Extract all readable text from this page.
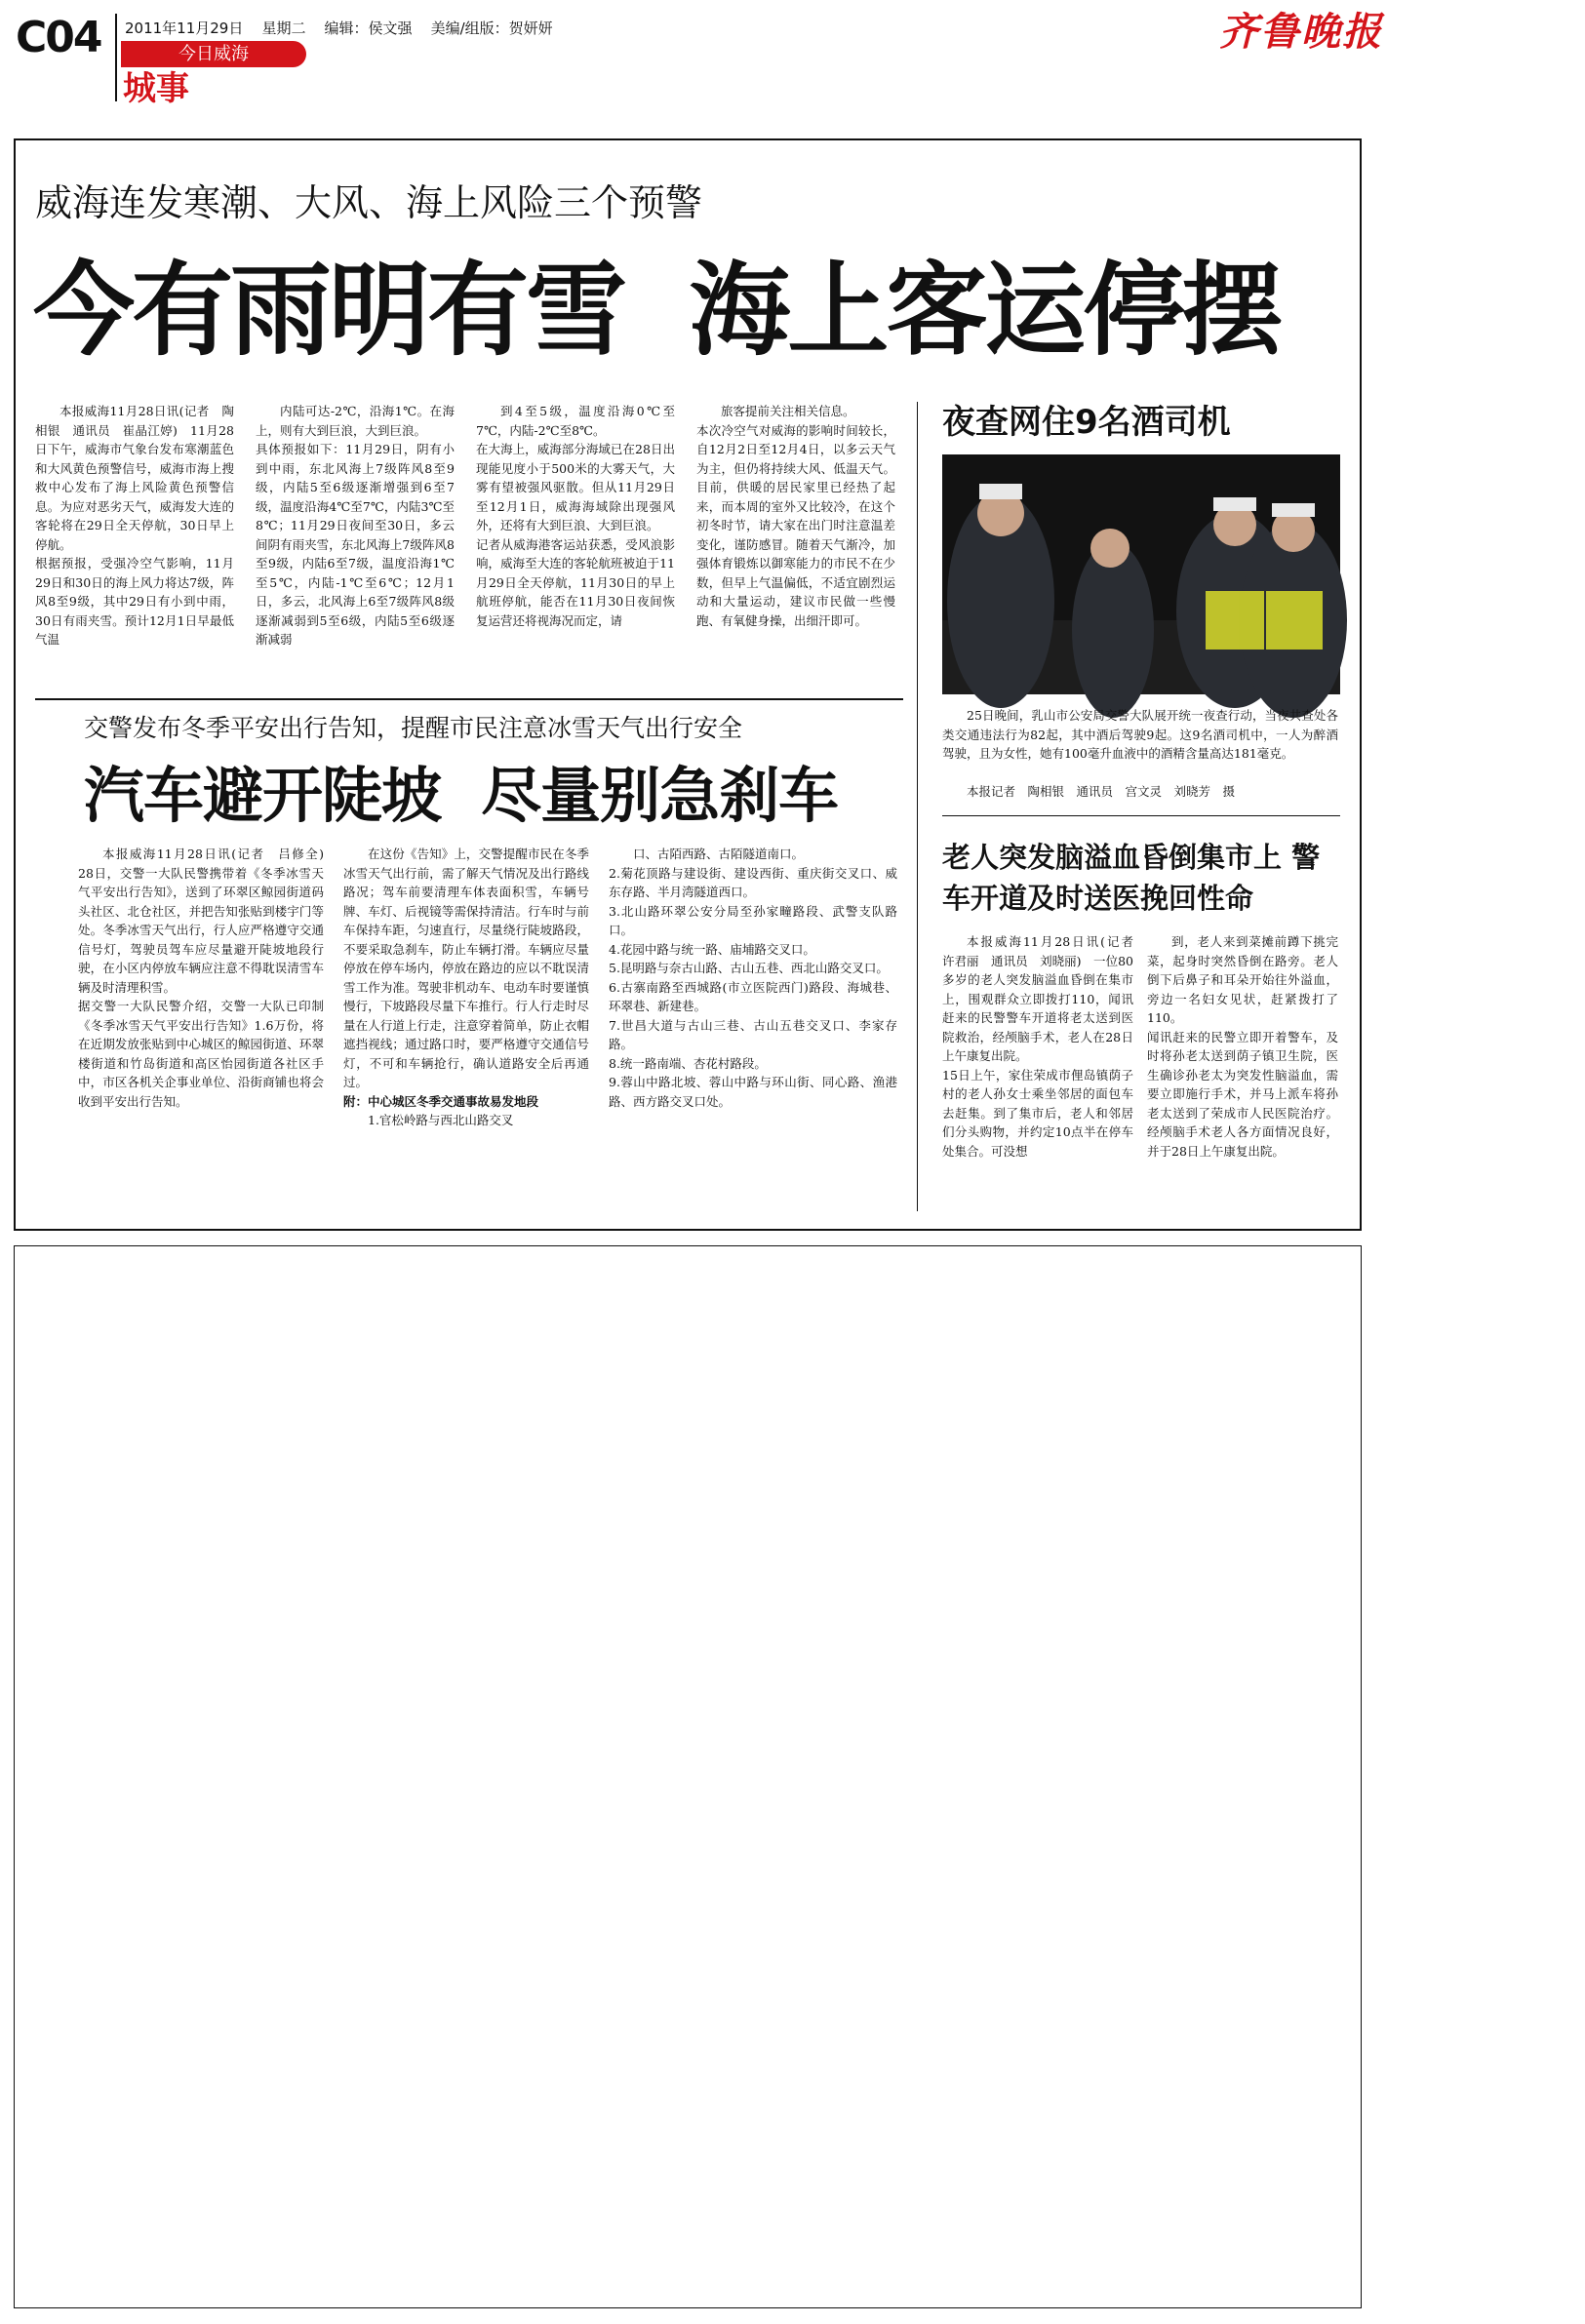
C04 2011年11月29日 星期二 编辑：侯文强 美编/组版：贺妍妍
今日威海
城事
齐鲁晚报
威海连发寒潮、大风、海上风险三个预警
今有雨明有雪  海上客运停摆
本报威海11月28日讯(记者　陶相银　通讯员　崔晶江婷)　11月28日下午，威海市气象台发布寒潮蓝色和大风黄色预警信号，威海市海上搜救中心发布了海上风险黄色预警信息。为应对恶劣天气，威海发大连的客轮将在29日全天停航，30日早上停航。
根据预报，受强冷空气影响，11月29日和30日的海上风力将达7级，阵风8至9级，其中29日有小到中雨，30日有雨夹雪。预计12月1日早最低气温
内陆可达-2℃，沿海1℃。在海上，则有大到巨浪，大到巨浪。
具体预报如下：11月29日，阴有小到中雨，东北风海上7级阵风8至9级，内陆5至6级逐渐增强到6至7级，温度沿海4℃至7℃，内陆3℃至8℃；11月29日夜间至30日，多云间阴有雨夹雪，东北风海上7级阵风8至9级，内陆6至7级，温度沿海1℃至5℃，内陆-1℃至6℃；12月1日，多云，北风海上6至7级阵风8级逐渐减弱到5至6级，内陆5至6级逐渐减弱
到4至5级，温度沿海0℃至7℃，内陆-2℃至8℃。
在大海上，威海部分海域已在28日出现能见度小于500米的大雾天气，大雾有望被强风驱散。但从11月29日至12月1日，威海海域除出现强风外，还将有大到巨浪、大到巨浪。
记者从威海港客运站获悉，受风浪影响，威海至大连的客轮航班被迫于11月29日全天停航，11月30日的早上航班停航，能否在11月30日夜间恢复运营还将视海况而定，请
旅客提前关注相关信息。
本次冷空气对威海的影响时间较长，自12月2日至12月4日，以多云天气为主，但仍将持续大风、低温天气。目前，供暖的居民家里已经热了起来，而本周的室外又比较冷，在这个初冬时节，请大家在出门时注意温差变化，谨防感冒。随着天气渐冷，加强体育锻炼以御寒能力的市民不在少数，但早上气温偏低，不适宜剧烈运动和大量运动，建议市民做一些慢跑、有氧健身操，出细汗即可。
夜查网住9名酒司机
25日晚间，乳山市公安局交警大队展开统一夜查行动，当夜共查处各类交通违法行为82起，其中酒后驾驶9起。这9名酒司机中，一人为醉酒驾驶，且为女性，她有100毫升血液中的酒精含量高达181毫克。
本报记者　陶相银　通讯员　宫文灵　刘晓芳　摄
交警发布冬季平安出行告知，提醒市民注意冰雪天气出行安全
汽车避开陡坡  尽量别急刹车
本报威海11月28日讯(记者　吕修全)　28日，交警一大队民警携带着《冬季冰雪天气平安出行告知》，送到了环翠区鲸园街道码头社区、北仓社区，并把告知张贴到楼宇门等处。冬季冰雪天气出行，行人应严格遵守交通信号灯，驾驶员驾车应尽量避开陡坡地段行驶，在小区内停放车辆应注意不得耽误清雪车辆及时清理积雪。
据交警一大队民警介绍，交警一大队已印制《冬季冰雪天气平安出行告知》1.6万份，将在近期发放张贴到中心城区的鲸园街道、环翠楼街道和竹岛街道和高区怡园街道各社区手中，市区各机关企事业单位、沿街商铺也将会收到平安出行告知。
在这份《告知》上，交警提醒市民在冬季冰雪天气出行前，需了解天气情况及出行路线路况；驾车前要清理车体表面积雪，车辆号牌、车灯、后视镜等需保持清洁。行车时与前车保持车距，匀速直行，尽量绕行陡坡路段，不要采取急刹车，防止车辆打滑。车辆应尽量停放在停车场内，停放在路边的应以不耽误清雪工作为准。驾驶非机动车、电动车时要谨慎慢行，下坡路段尽量下车推行。行人行走时尽量在人行道上行走，注意穿着简单，防止衣帽遮挡视线；通过路口时，要严格遵守交通信号灯，不可和车辆抢行，确认道路安全后再通过。
附：中心城区冬季交通事故易发地段
1.官松岭路与西北山路交叉
口、古陌西路、古陌隧道南口。
2.菊花顶路与建设街、建设西街、重庆街交叉口、威东存路、半月湾隧道西口。
3.北山路环翠公安分局至孙家疃路段、武警支队路口。
4.花园中路与统一路、庙埔路交叉口。
5.昆明路与奈古山路、古山五巷、西北山路交叉口。
6.古寨南路至西城路(市立医院西门)路段、海城巷、环翠巷、新建巷。
7.世昌大道与古山三巷、古山五巷交叉口、李家存路。
8.统一路南端、杏花村路段。
9.蓉山中路北坡、蓉山中路与环山街、同心路、渔港路、西方路交叉口处。
老人突发脑溢血昏倒集市上 警车开道及时送医挽回性命
本报威海11月28日讯(记者　许君丽　通讯员　刘晓丽)　一位80多岁的老人突发脑溢血昏倒在集市上，围观群众立即拨打110，闻讯赶来的民警警车开道将老太送到医院救治，经颅脑手术，老人在28日上午康复出院。
15日上午，家住荣成市俚岛镇荫子村的老人孙女士乘坐邻居的面包车去赶集。到了集市后，老人和邻居们分头购物，并约定10点半在停车处集合。可没想
到，老人来到菜摊前蹲下挑完菜，起身时突然昏倒在路旁。老人倒下后鼻子和耳朵开始往外溢血，旁边一名妇女见状，赶紧拨打了110。
闻讯赶来的民警立即开着警车，及时将孙老太送到荫子镇卫生院，医生确诊孙老太为突发性脑溢血，需要立即施行手术，并马上派车将孙老太送到了荣成市人民医院治疗。经颅脑手术老人各方面情况良好，并于28日上午康复出院。
